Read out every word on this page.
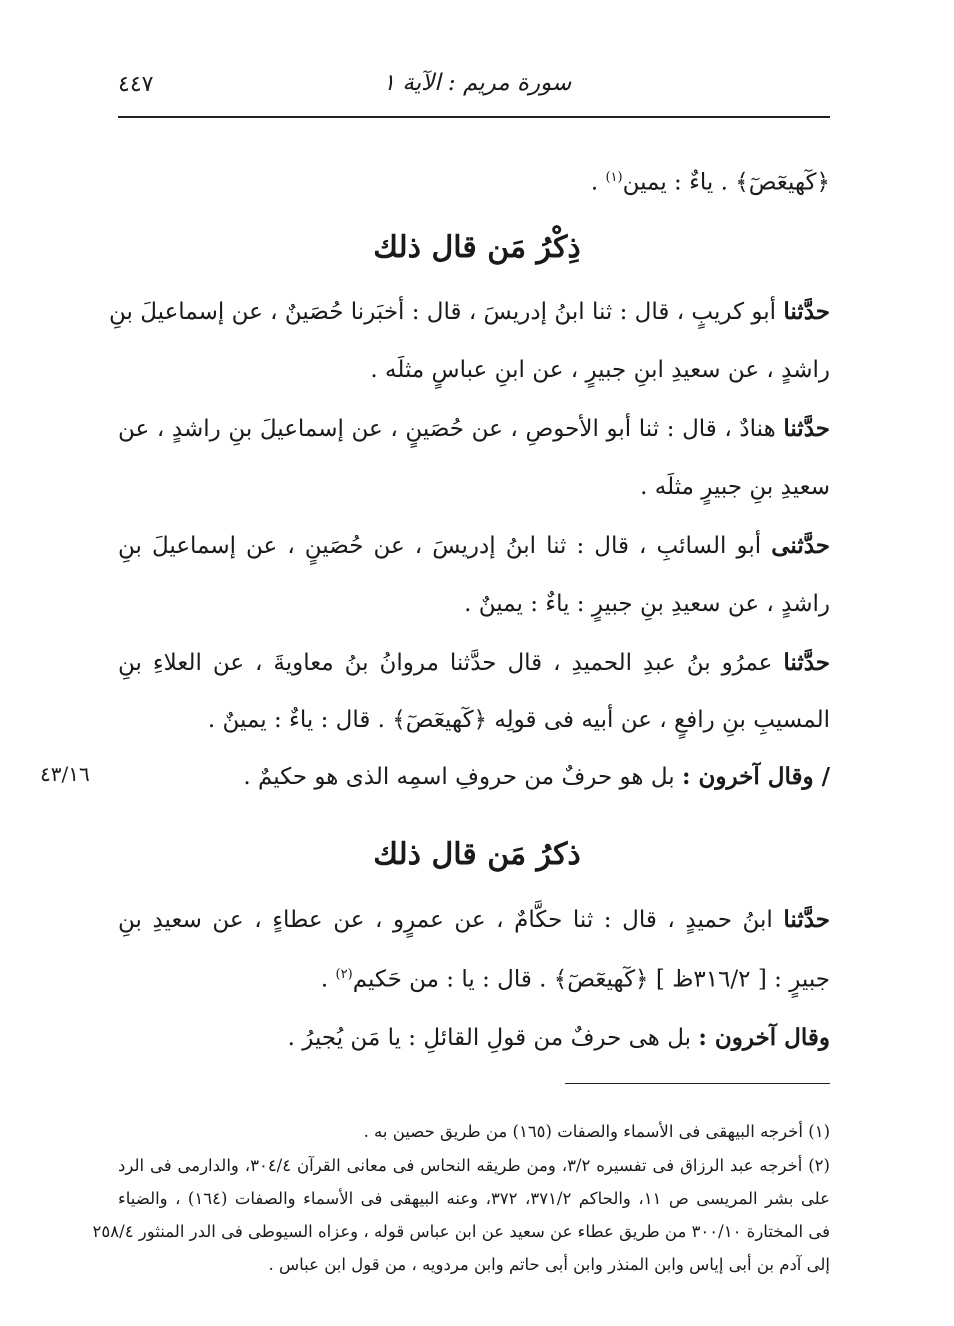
٤٤٧	سورة مريم : الآية ١
﴿كٓهيعٓصٓ﴾ . ياءٌ : يمين$^{(١)}$ .
ذِكْرُ مَن قال ذلك
حدَّثنا أبو كريبٍ ، قال : ثنا ابنُ إدريسَ ، قال : أخبَرنا حُصَينٌ ، عن إسماعيلَ بنِ
راشدٍ ، عن سعيدِ ابنِ جبيرٍ ، عن ابنِ عباسٍ مثلَه .
حدَّثنا هنادٌ ، قال : ثنا أبو الأحوصِ ، عن حُصَينٍ ، عن إسماعيلَ بنِ راشدٍ ، عن
سعيدِ بنِ جبيرٍ مثلَه .
حدَّثنى أبو السائبِ ، قال : ثنا ابنُ إدريسَ ، عن حُصَينٍ ، عن إسماعيلَ بنِ
راشدٍ ، عن سعيدِ بنِ جبيرٍ : ياءٌ : يمينٌ .
حدَّثنا عمرُو بنُ عبدِ الحميدِ ، قال حدَّثنا مروانُ بنُ معاويةَ ، عن العلاءِ بنِ
المسيبِ بنِ رافعٍ ، عن أبيه فى قولِه ﴿كٓهيعٓصٓ﴾ . قال : ياءٌ : يمينٌ .
/ وقال آخرون : بل هو حرفٌ من حروفِ اسمِه الذى هو حكيمٌ .
٤٣/١٦
ذكرُ مَن قال ذلك
حدَّثنا ابنُ حميدٍ ، قال : ثنا حكَّامٌ ، عن عمرٍو ، عن عطاءٍ ، عن سعيدِ بنِ
جبيرٍ : [ ٣١٦/٢ظ ] ﴿كٓهيعٓصٓ﴾ . قال : يا : من حَكيم$^{(٢)}$ .
وقال آخرون : بل هى حرفٌ من قولِ القائلِ : يا مَن يُجيرُ .
(١) أخرجه البيهقى فى الأسماء والصفات (١٦٥) من طريق حصين به .
(٢) أخرجه عبد الرزاق فى تفسيره ٣/٢، ومن طريقه النحاس فى معانى القرآن ٣٠٤/٤، والدارمى فى الرد
على بشر المريسى ص ١١، والحاكم ٣٧١/٢، ٣٧٢، وعنه البيهقى فى الأسماء والصفات (١٦٤) ، والضياء
فى المختارة ٣٠٠/١٠ من طريق عطاء عن سعيد عن ابن عباس قوله ، وعزاه السيوطى فى الدر المنثور ٢٥٨/٤
إلى آدم بن أبى إياس وابن المنذر وابن أبى حاتم وابن مردويه ، من قول ابن عباس .
